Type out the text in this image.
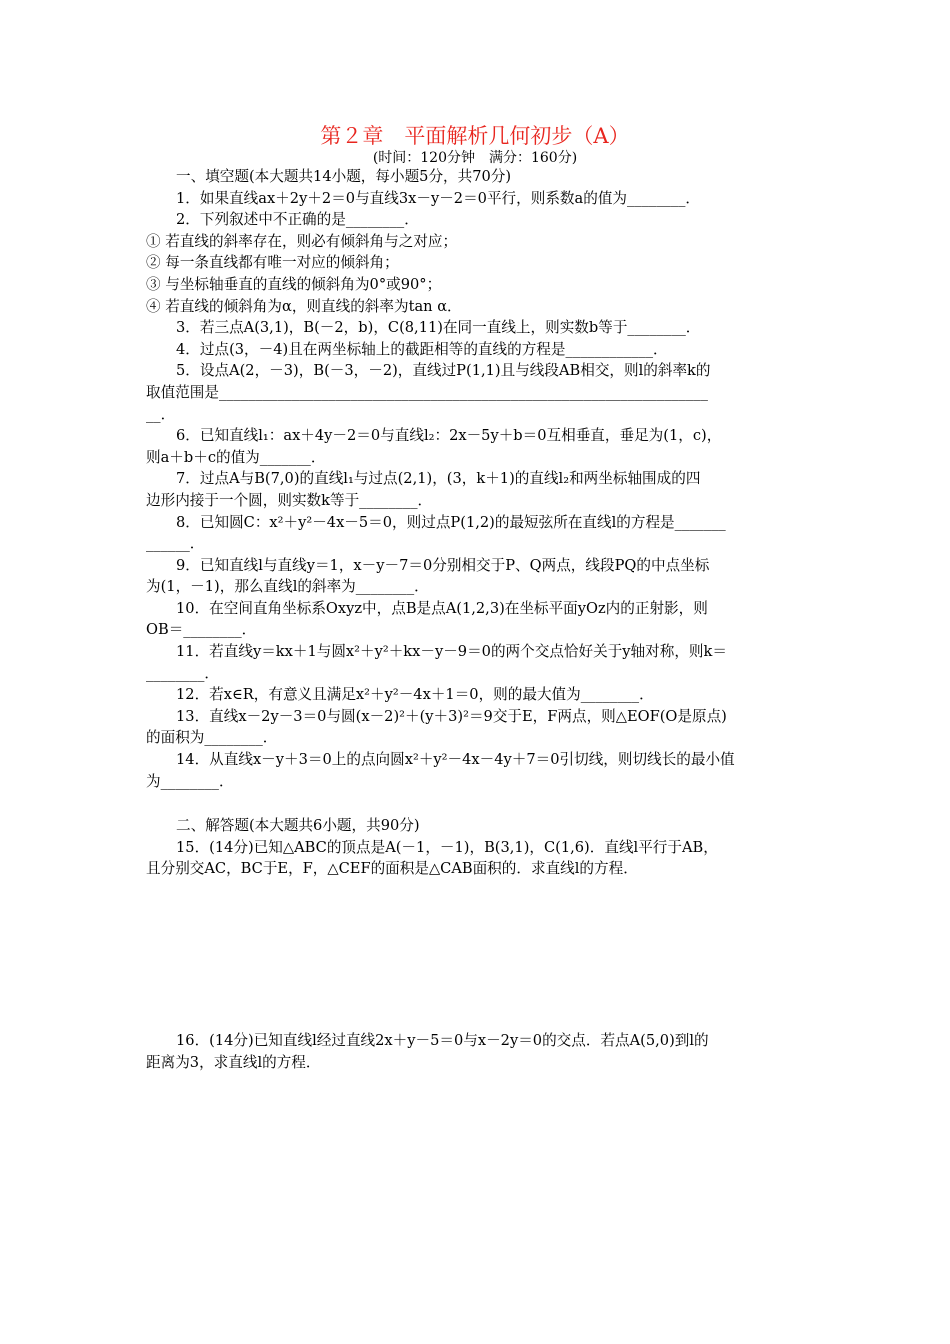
第２章　平面解析几何初步（A）
(时间：120分钟　满分：160分)
一、填空题(本大题共14小题，每小题5分，共70分)
1．如果直线ax＋2y＋2＝0与直线3x－y－2＝0平行，则系数a的值为________．
2．下列叙述中不正确的是________．
① 若直线的斜率存在，则必有倾斜角与之对应；
② 每一条直线都有唯一对应的倾斜角；
③ 与坐标轴垂直的直线的倾斜角为0°或90°；
④ 若直线的倾斜角为α，则直线的斜率为tan α．
3．若三点A(3,1)，B(－2，b)，C(8,11)在同一直线上，则实数b等于________．
4．过点(3，－4)且在两坐标轴上的截距相等的直线的方程是____________．
5．设点A(2，－3)，B(－3，－2)，直线过P(1,1)且与线段AB相交，则l的斜率k的
取值范围是___________________________________________________________________
__．
6．已知直线l₁：ax＋4y－2＝0与直线l₂：2x－5y＋b＝0互相垂直，垂足为(1，c)，
则a＋b＋c的值为_______．
7．过点A与B(7,0)的直线l₁与过点(2,1)，(3，k＋1)的直线l₂和两坐标轴围成的四
边形内接于一个圆，则实数k等于________．
8．已知圆C：x²＋y²－4x－5＝0，则过点P(1,2)的最短弦所在直线l的方程是_______
______．
9．已知直线l与直线y＝1，x－y－7＝0分别相交于P、Q两点，线段PQ的中点坐标
为(1，－1)，那么直线l的斜率为________．
10．在空间直角坐标系Oxyz中，点B是点A(1,2,3)在坐标平面yOz内的正射影，则
OB＝________．
11．若直线y＝kx＋1与圆x²＋y²＋kx－y－9＝0的两个交点恰好关于y轴对称，则k＝
________．
12．若x∈R，有意义且满足x²＋y²－4x＋1＝0，则的最大值为________．
13．直线x－2y－3＝0与圆(x－2)²＋(y＋3)²＝9交于E，F两点，则△EOF(O是原点)
的面积为________．
14．从直线x－y＋3＝0上的点向圆x²＋y²－4x－4y＋7＝0引切线，则切线长的最小值
为________．
二、解答题(本大题共6小题，共90分)
15．(14分)已知△ABC的顶点是A(－1，－1)，B(3,1)，C(1,6)．直线l平行于AB，
且分别交AC，BC于E，F，△CEF的面积是△CAB面积的．求直线l的方程．
16．(14分)已知直线l经过直线2x＋y－5＝0与x－2y＝0的交点．若点A(5,0)到l的
距离为3，求直线l的方程．
